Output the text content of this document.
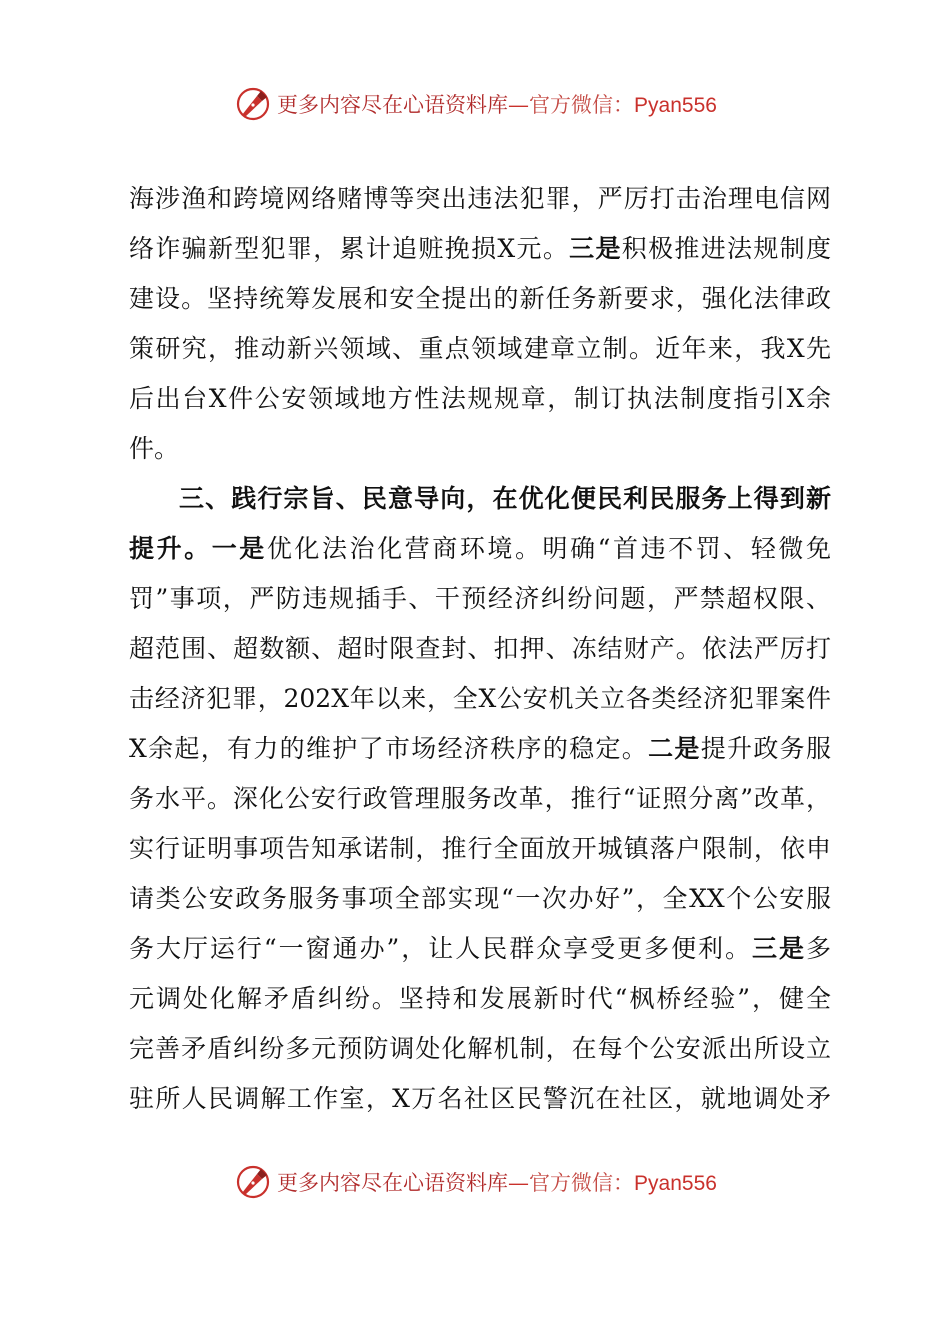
更多内容尽在心语资料库—官方微信：Pyan556
海涉渔和跨境网络赌博等突出违法犯罪，严厉打击治理电信网
络诈骗新型犯罪，累计追赃挽损X元。三是积极推进法规制度
建设。坚持统筹发展和安全提出的新任务新要求，强化法律政
策研究，推动新兴领域、重点领域建章立制。近年来，我X先
后出台X件公安领域地方性法规规章，制订执法制度指引X余
件。
三、践行宗旨、民意导向，在优化便民利民服务上得到新
提升。一是优化法治化营商环境。明确“首违不罚、轻微免
罚”事项，严防违规插手、干预经济纠纷问题，严禁超权限、
超范围、超数额、超时限查封、扣押、冻结财产。依法严厉打
击经济犯罪，202X年以来，全X公安机关立各类经济犯罪案件
X余起，有力的维护了市场经济秩序的稳定。二是提升政务服
务水平。深化公安行政管理服务改革，推行“证照分离”改革，
实行证明事项告知承诺制，推行全面放开城镇落户限制，依申
请类公安政务服务事项全部实现“一次办好”，全XX个公安服
务大厅运行“一窗通办”，让人民群众享受更多便利。三是多
元调处化解矛盾纠纷。坚持和发展新时代“枫桥经验”，健全
完善矛盾纠纷多元预防调处化解机制，在每个公安派出所设立
驻所人民调解工作室，X万名社区民警沉在社区，就地调处矛
更多内容尽在心语资料库—官方微信：Pyan556
